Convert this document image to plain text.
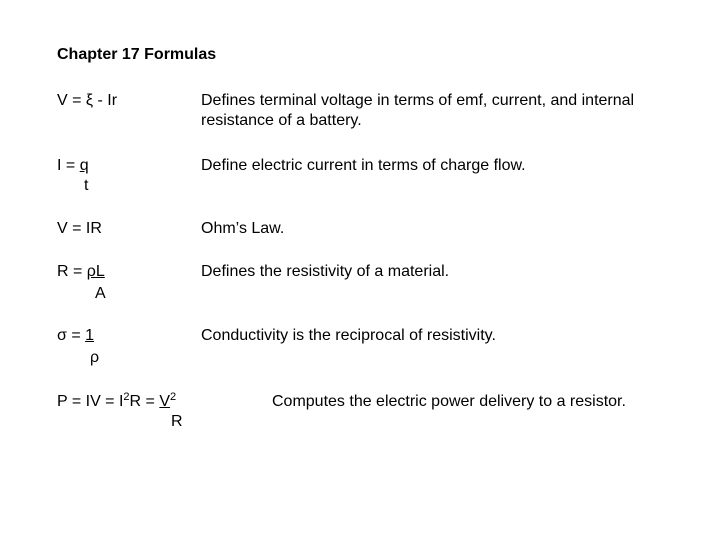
Chapter 17 Formulas
V = ξ - Ir	Defines terminal voltage in terms of emf, current, and internal resistance of a battery.
I = q
t
Define electric current in terms of charge flow.
V = IR	Ohm’s Law.
R = ρL
A
Defines the resistivity of a material.
σ = 1
ρ
Conductivity is the reciprocal of resistivity.
P = IV = $I^2R = V^2$
R
Computes the electric power delivery to a resistor.
